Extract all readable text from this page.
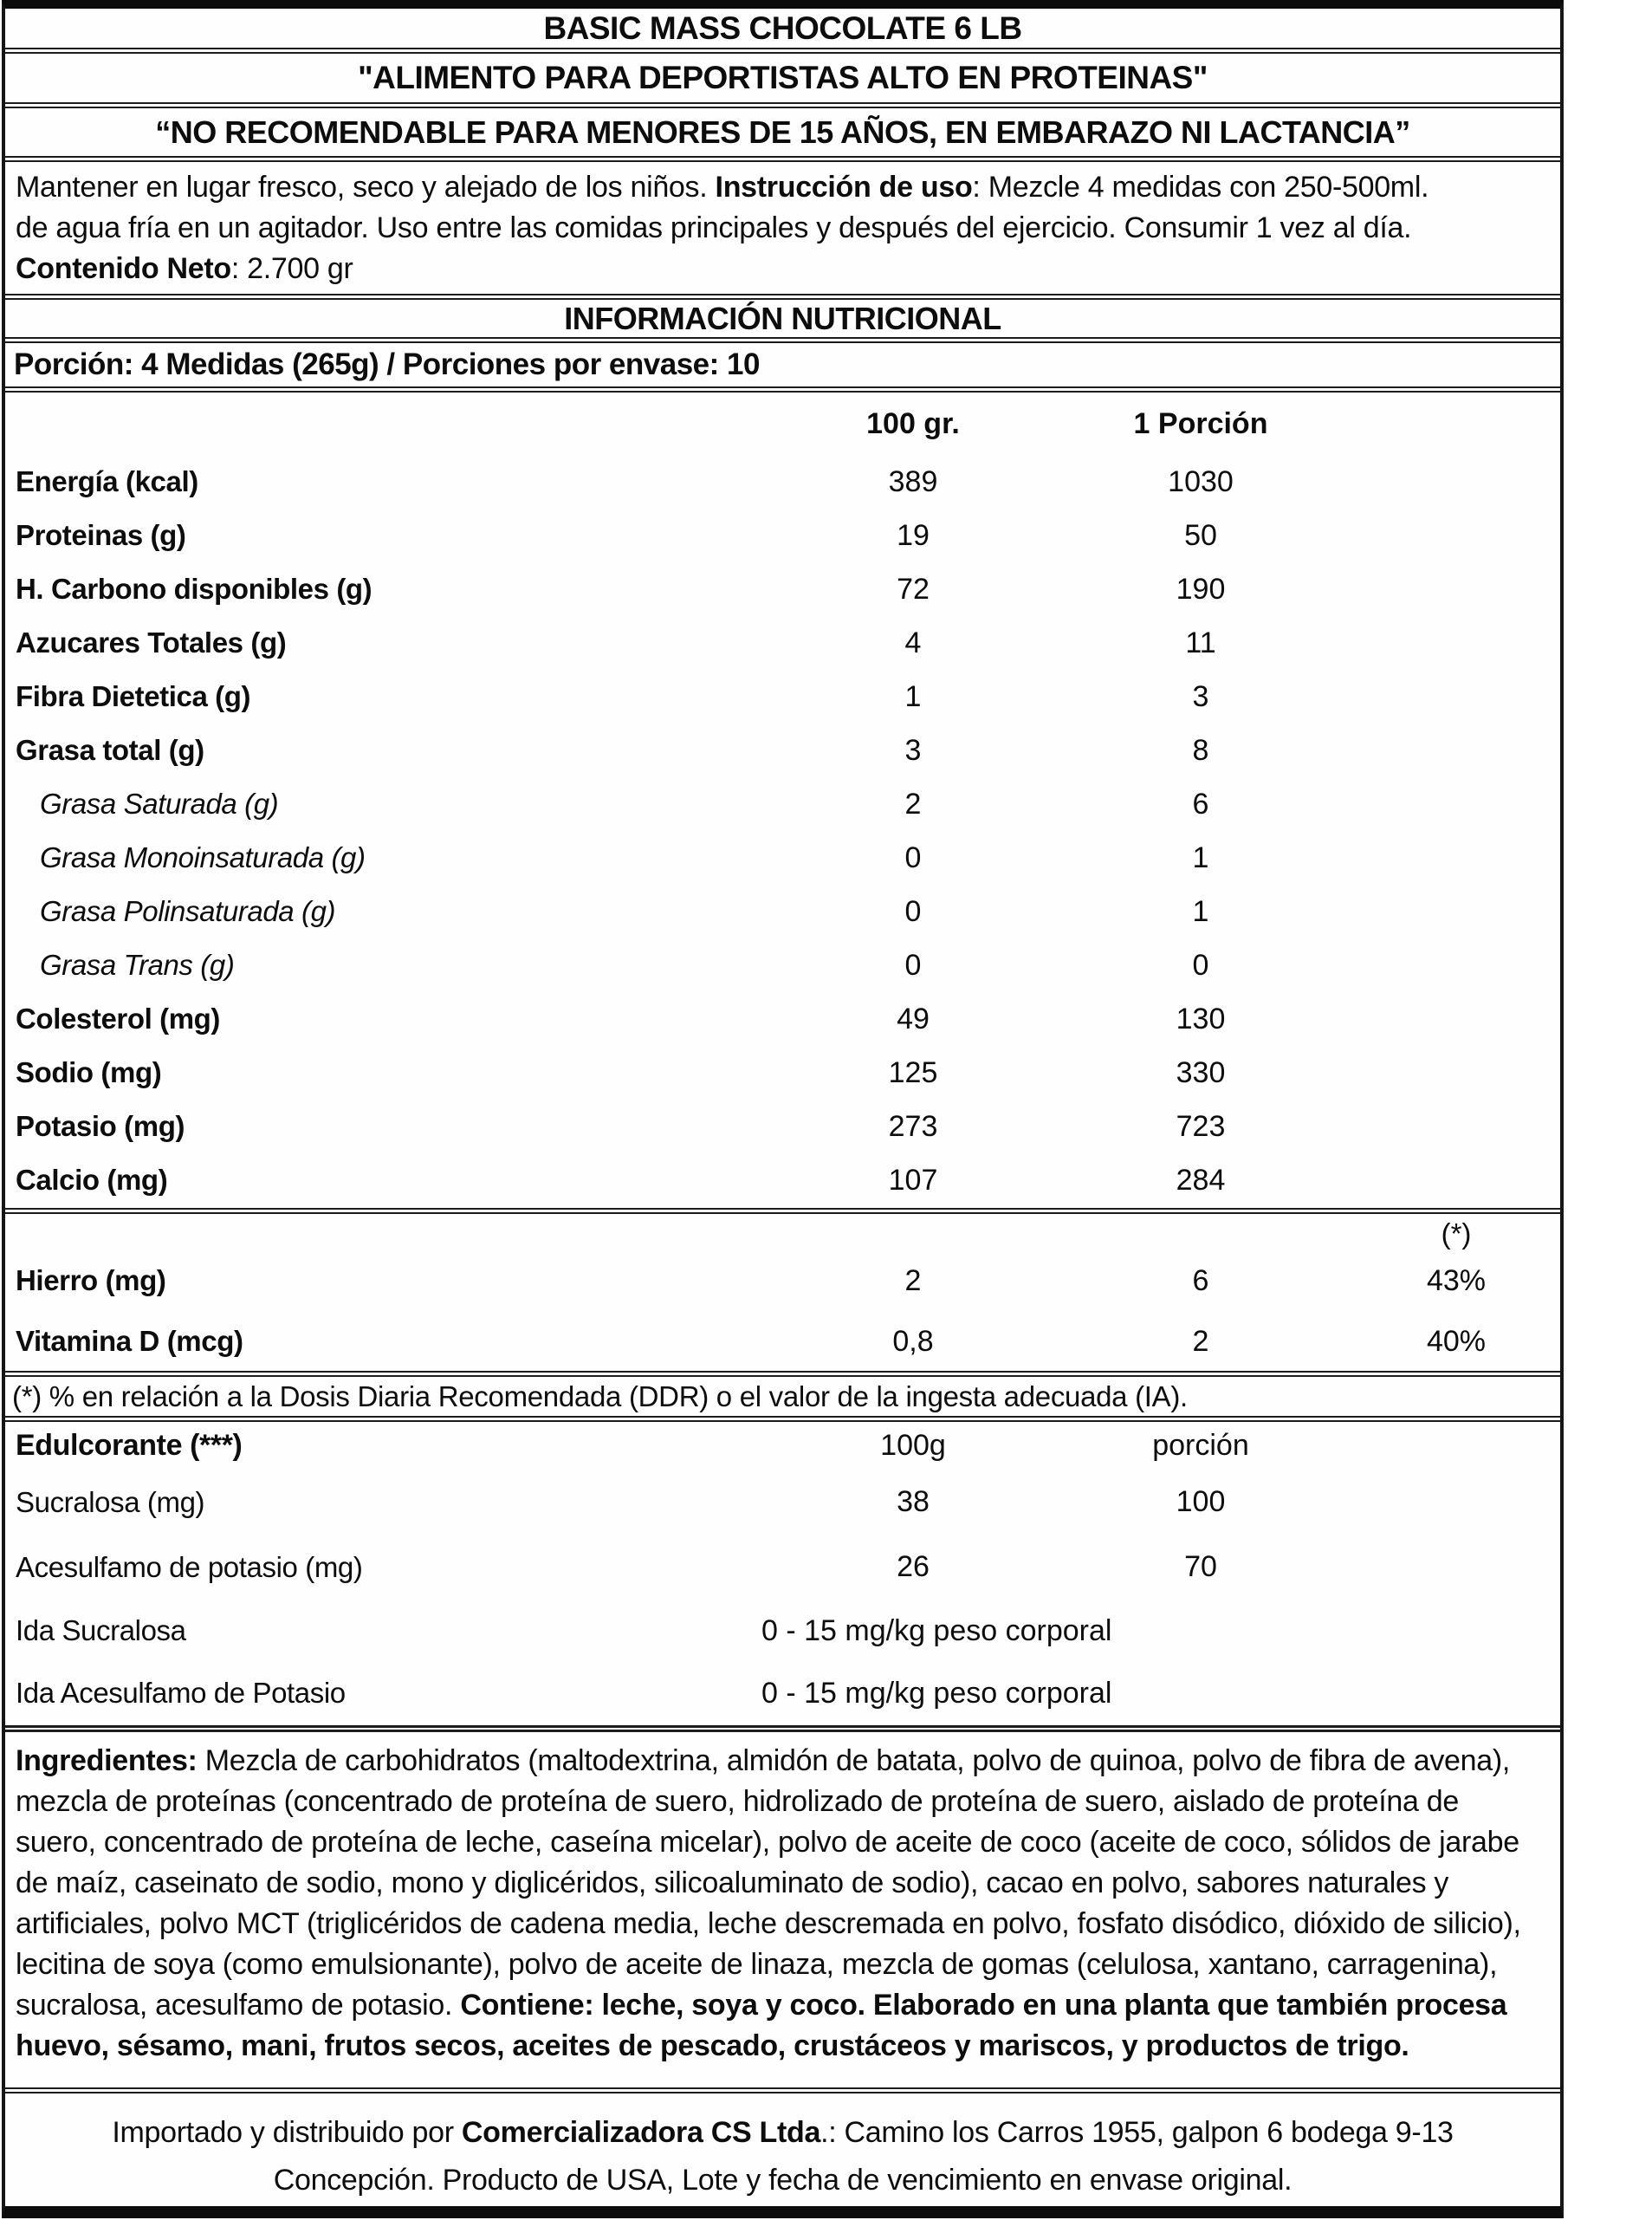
BASIC MASS CHOCOLATE 6 LB
"ALIMENTO PARA DEPORTISTAS ALTO EN PROTEINAS"
“NO RECOMENDABLE PARA MENORES DE 15 AÑOS, EN EMBARAZO NI LACTANCIA”
Mantener en lugar fresco, seco y alejado de los niños. Instrucción de uso: Mezcle 4 medidas con 250-500ml.
de agua fría en un agitador. Uso entre las comidas principales y después del ejercicio. Consumir 1 vez al día.
Contenido Neto: 2.700 gr
INFORMACIÓN NUTRICIONAL
Porción: 4 Medidas (265g) / Porciones por envase: 10
100 gr.	1 Porción
Energía (kcal)	389	1030
Proteinas (g)	19	50
H. Carbono disponibles (g)	72	190
Azucares Totales (g)	4	11
Fibra Dietetica (g)	1	3
Grasa total (g)	3	8
Grasa Saturada (g)	2	6
Grasa Monoinsaturada (g)	0	1
Grasa Polinsaturada (g)	0	1
Grasa Trans (g)	0	0
Colesterol (mg)	49	130
Sodio (mg)	125	330
Potasio (mg)	273	723
Calcio (mg)	107	284
(*)
Hierro (mg)	2	6	43%
Vitamina D (mcg)	0,8	2	40%
(*) % en relación a la Dosis Diaria Recomendada (DDR) o el valor de la ingesta adecuada (IA).
Edulcorante (***)	100g	porción
Sucralosa (mg)	38	100
Acesulfamo de potasio (mg)	26	70
Ida Sucralosa	0 - 15 mg/kg peso corporal
Ida Acesulfamo de Potasio	0 - 15 mg/kg peso corporal
Ingredientes: Mezcla de carbohidratos (maltodextrina, almidón de batata, polvo de quinoa, polvo de fibra de avena), mezcla de proteínas (concentrado de proteína de suero, hidrolizado de proteína de suero, aislado de proteína de suero, concentrado de proteína de leche, caseína micelar), polvo de aceite de coco (aceite de coco, sólidos de jarabe de maíz, caseinato de sodio, mono y diglicéridos, silicoaluminato de sodio), cacao en polvo, sabores naturales y artificiales, polvo MCT (triglicéridos de cadena media, leche descremada en polvo, fosfato disódico, dióxido de silicio), lecitina de soya (como emulsionante), polvo de aceite de linaza, mezcla de gomas (celulosa, xantano, carragenina), sucralosa, acesulfamo de potasio. Contiene: leche, soya y coco. Elaborado en una planta que también procesa huevo, sésamo, mani, frutos secos, aceites de pescado, crustáceos y mariscos, y productos de trigo.
Importado y distribuido por Comercializadora CS Ltda.: Camino los Carros 1955, galpon 6 bodega 9-13
Concepción. Producto de USA, Lote y fecha de vencimiento en envase original.
